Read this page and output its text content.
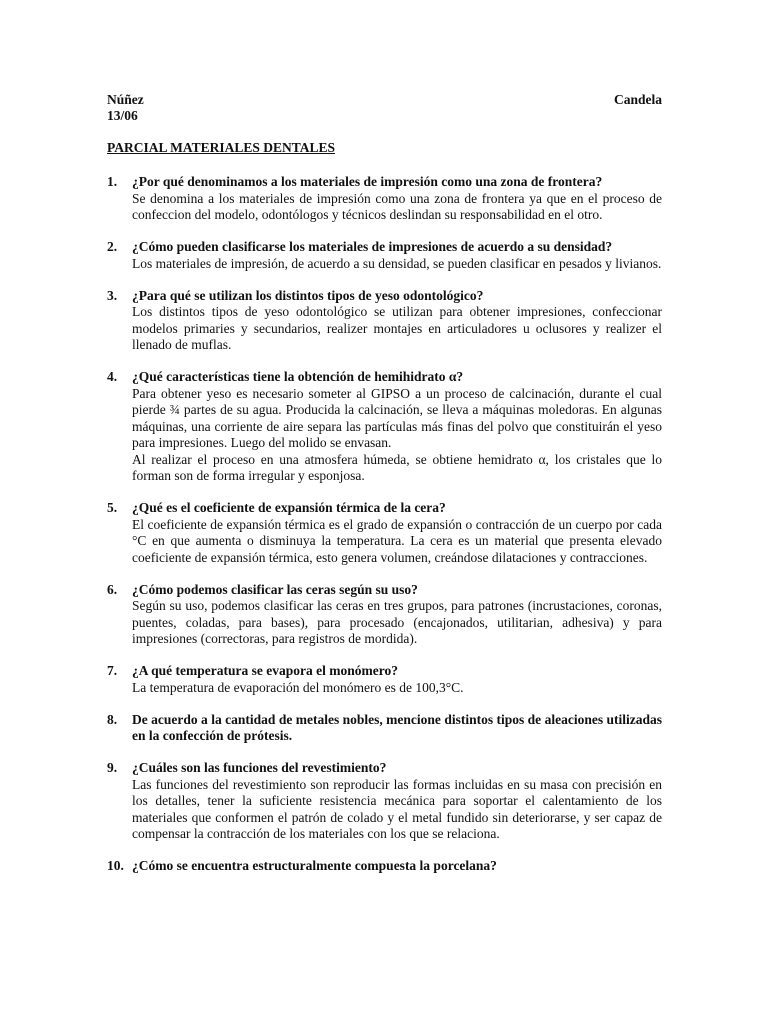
Núñez	Candela
13/06
PARCIAL MATERIALES DENTALES
1. ¿Por qué denominamos a los materiales de impresión como una zona de frontera?
Se denomina a los materiales de impresión como una zona de frontera ya que en el proceso de confeccion del modelo, odontólogos y técnicos deslindan su responsabilidad en el otro.
2. ¿Cómo pueden clasificarse los materiales de impresiones de acuerdo a su densidad?
Los materiales de impresión, de acuerdo a su densidad, se pueden clasificar en pesados y livianos.
3. ¿Para qué se utilizan los distintos tipos de yeso odontológico?
Los distintos tipos de yeso odontológico se utilizan para obtener impresiones, confeccionar modelos primaries y secundarios, realizer montajes en articuladores u oclusores y realizer el llenado de muflas.
4. ¿Qué características tiene la obtención de hemihidrato α?
Para obtener yeso es necesario someter al GIPSO a un proceso de calcinación, durante el cual pierde ¾ partes de su agua. Producida la calcinación, se lleva a máquinas moledoras. En algunas máquinas, una corriente de aire separa las partículas más finas del polvo que constituirán el yeso para impresiones. Luego del molido se envasan.
Al realizar el proceso en una atmosfera húmeda, se obtiene hemidrato α, los cristales que lo forman son de forma irregular y esponjosa.
5. ¿Qué es el coeficiente de expansión térmica de la cera?
El coeficiente de expansión térmica es el grado de expansión o contracción de un cuerpo por cada °C en que aumenta o disminuya la temperatura. La cera es un material que presenta elevado coeficiente de expansión térmica, esto genera volumen, creándose dilataciones y contracciones.
6. ¿Cómo podemos clasificar las ceras según su uso?
Según su uso, podemos clasificar las ceras en tres grupos, para patrones (incrustaciones, coronas, puentes, coladas, para bases), para procesado (encajonados, utilitarian, adhesiva) y para impresiones (correctoras, para registros de mordida).
7. ¿A qué temperatura se evapora el monómero?
La temperatura de evaporación del monómero es de 100,3°C.
8. De acuerdo a la cantidad de metales nobles, mencione distintos tipos de aleaciones utilizadas en la confección de prótesis.
9. ¿Cuáles son las funciones del revestimiento?
Las funciones del revestimiento son reproducir las formas incluidas en su masa con precisión en los detalles, tener la suficiente resistencia mecánica para soportar el calentamiento de los materiales que conformen el patrón de colado y el metal fundido sin deteriorarse, y ser capaz de compensar la contracción de los materiales con los que se relaciona.
10. ¿Cómo se encuentra estructuralmente compuesta la porcelana?
